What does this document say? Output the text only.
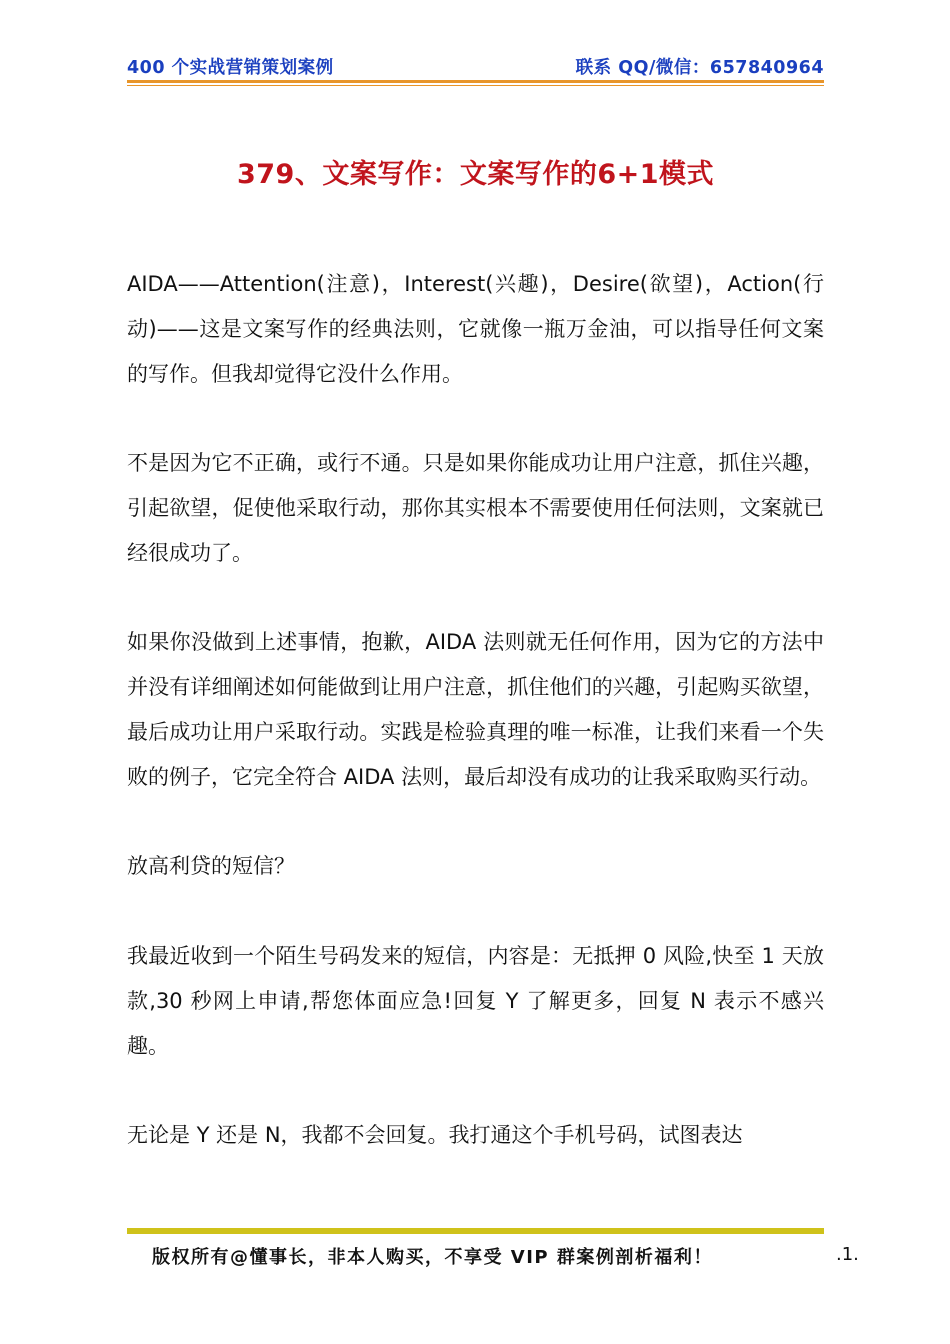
400 个实战营销策划案例	联系 QQ/微信：657840964
379、文案写作：文案写作的6+1模式

AIDA——Attention(注意)，Interest(兴趣)，Desire(欲望)，Action(行动)——这是文案写作的经典法则，它就像一瓶万金油，可以指导任何文案的写作。但我却觉得它没什么作用。

不是因为它不正确，或行不通。只是如果你能成功让用户注意，抓住兴趣，引起欲望，促使他采取行动，那你其实根本不需要使用任何法则，文案就已经很成功了。

如果你没做到上述事情，抱歉，AIDA 法则就无任何作用，因为它的方法中并没有详细阐述如何能做到让用户注意，抓住他们的兴趣，引起购买欲望，最后成功让用户采取行动。实践是检验真理的唯一标准，让我们来看一个失败的例子，它完全符合 AIDA 法则，最后却没有成功的让我采取购买行动。

放高利贷的短信？

我最近收到一个陌生号码发来的短信，内容是：无抵押 0 风险,快至 1 天放款,30 秒网上申请,帮您体面应急!回复 Y 了解更多，回复 N 表示不感兴趣。

无论是 Y 还是 N，我都不会回复。我打通这个手机号码，试图表达

版权所有@懂事长，非本人购买，不享受 VIP 群案例剖析福利！	.1.
